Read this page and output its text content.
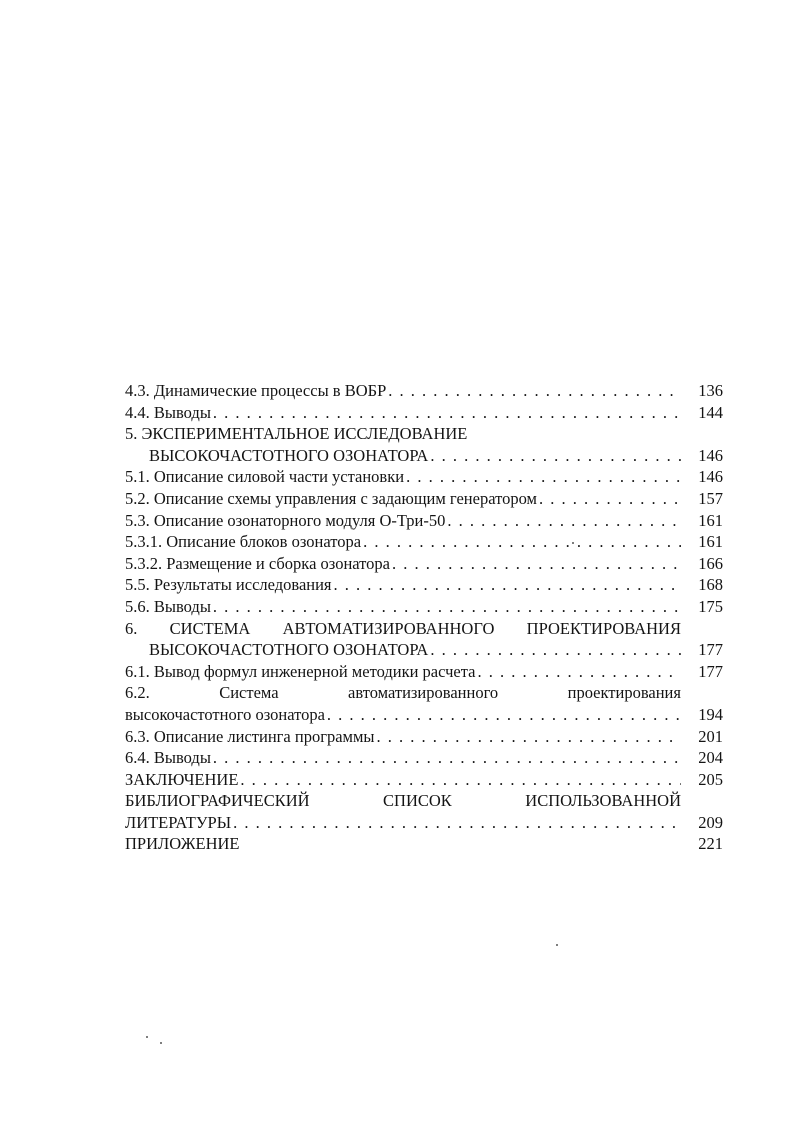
4.3. Динамические процессы в ВОБР . . .	136
4.4. Выводы . . .	144
5. ЭКСПЕРИМЕНТАЛЬНОЕ ИССЛЕДОВАНИЕ
ВЫСОКОЧАСТОТНОГО ОЗОНАТОРА . . .	146
5.1. Описание силовой части установки . . .	146
5.2. Описание схемы управления с задающим генератором . . .	157
5.3. Описание озонаторного модуля О-Три-50 . . .	161
5.3.1. Описание блоков озонатора . . .	161
5.3.2. Размещение и сборка озонатора . . .	166
5.5. Результаты исследования . . .	168
5.6. Выводы . . .	175
6. СИСТЕМА АВТОМАТИЗИРОВАННОГО ПРОЕКТИРОВАНИЯ
ВЫСОКОЧАСТОТНОГО ОЗОНАТОРА . . .	177
6.1. Вывод формул инженерной методики расчета . . .	177
6.2.	Система	автоматизированного	проектирования
высокочастотного озонатора . . .	194
6.3. Описание листинга программы . . .	201
6.4. Выводы . . .	204
ЗАКЛЮЧЕНИЕ . . .	205
БИБЛИОГРАФИЧЕСКИЙ	СПИСОК	ИСПОЛЬЗОВАННОЙ
ЛИТЕРАТУРЫ . . .	209
ПРИЛОЖЕНИЕ	221
